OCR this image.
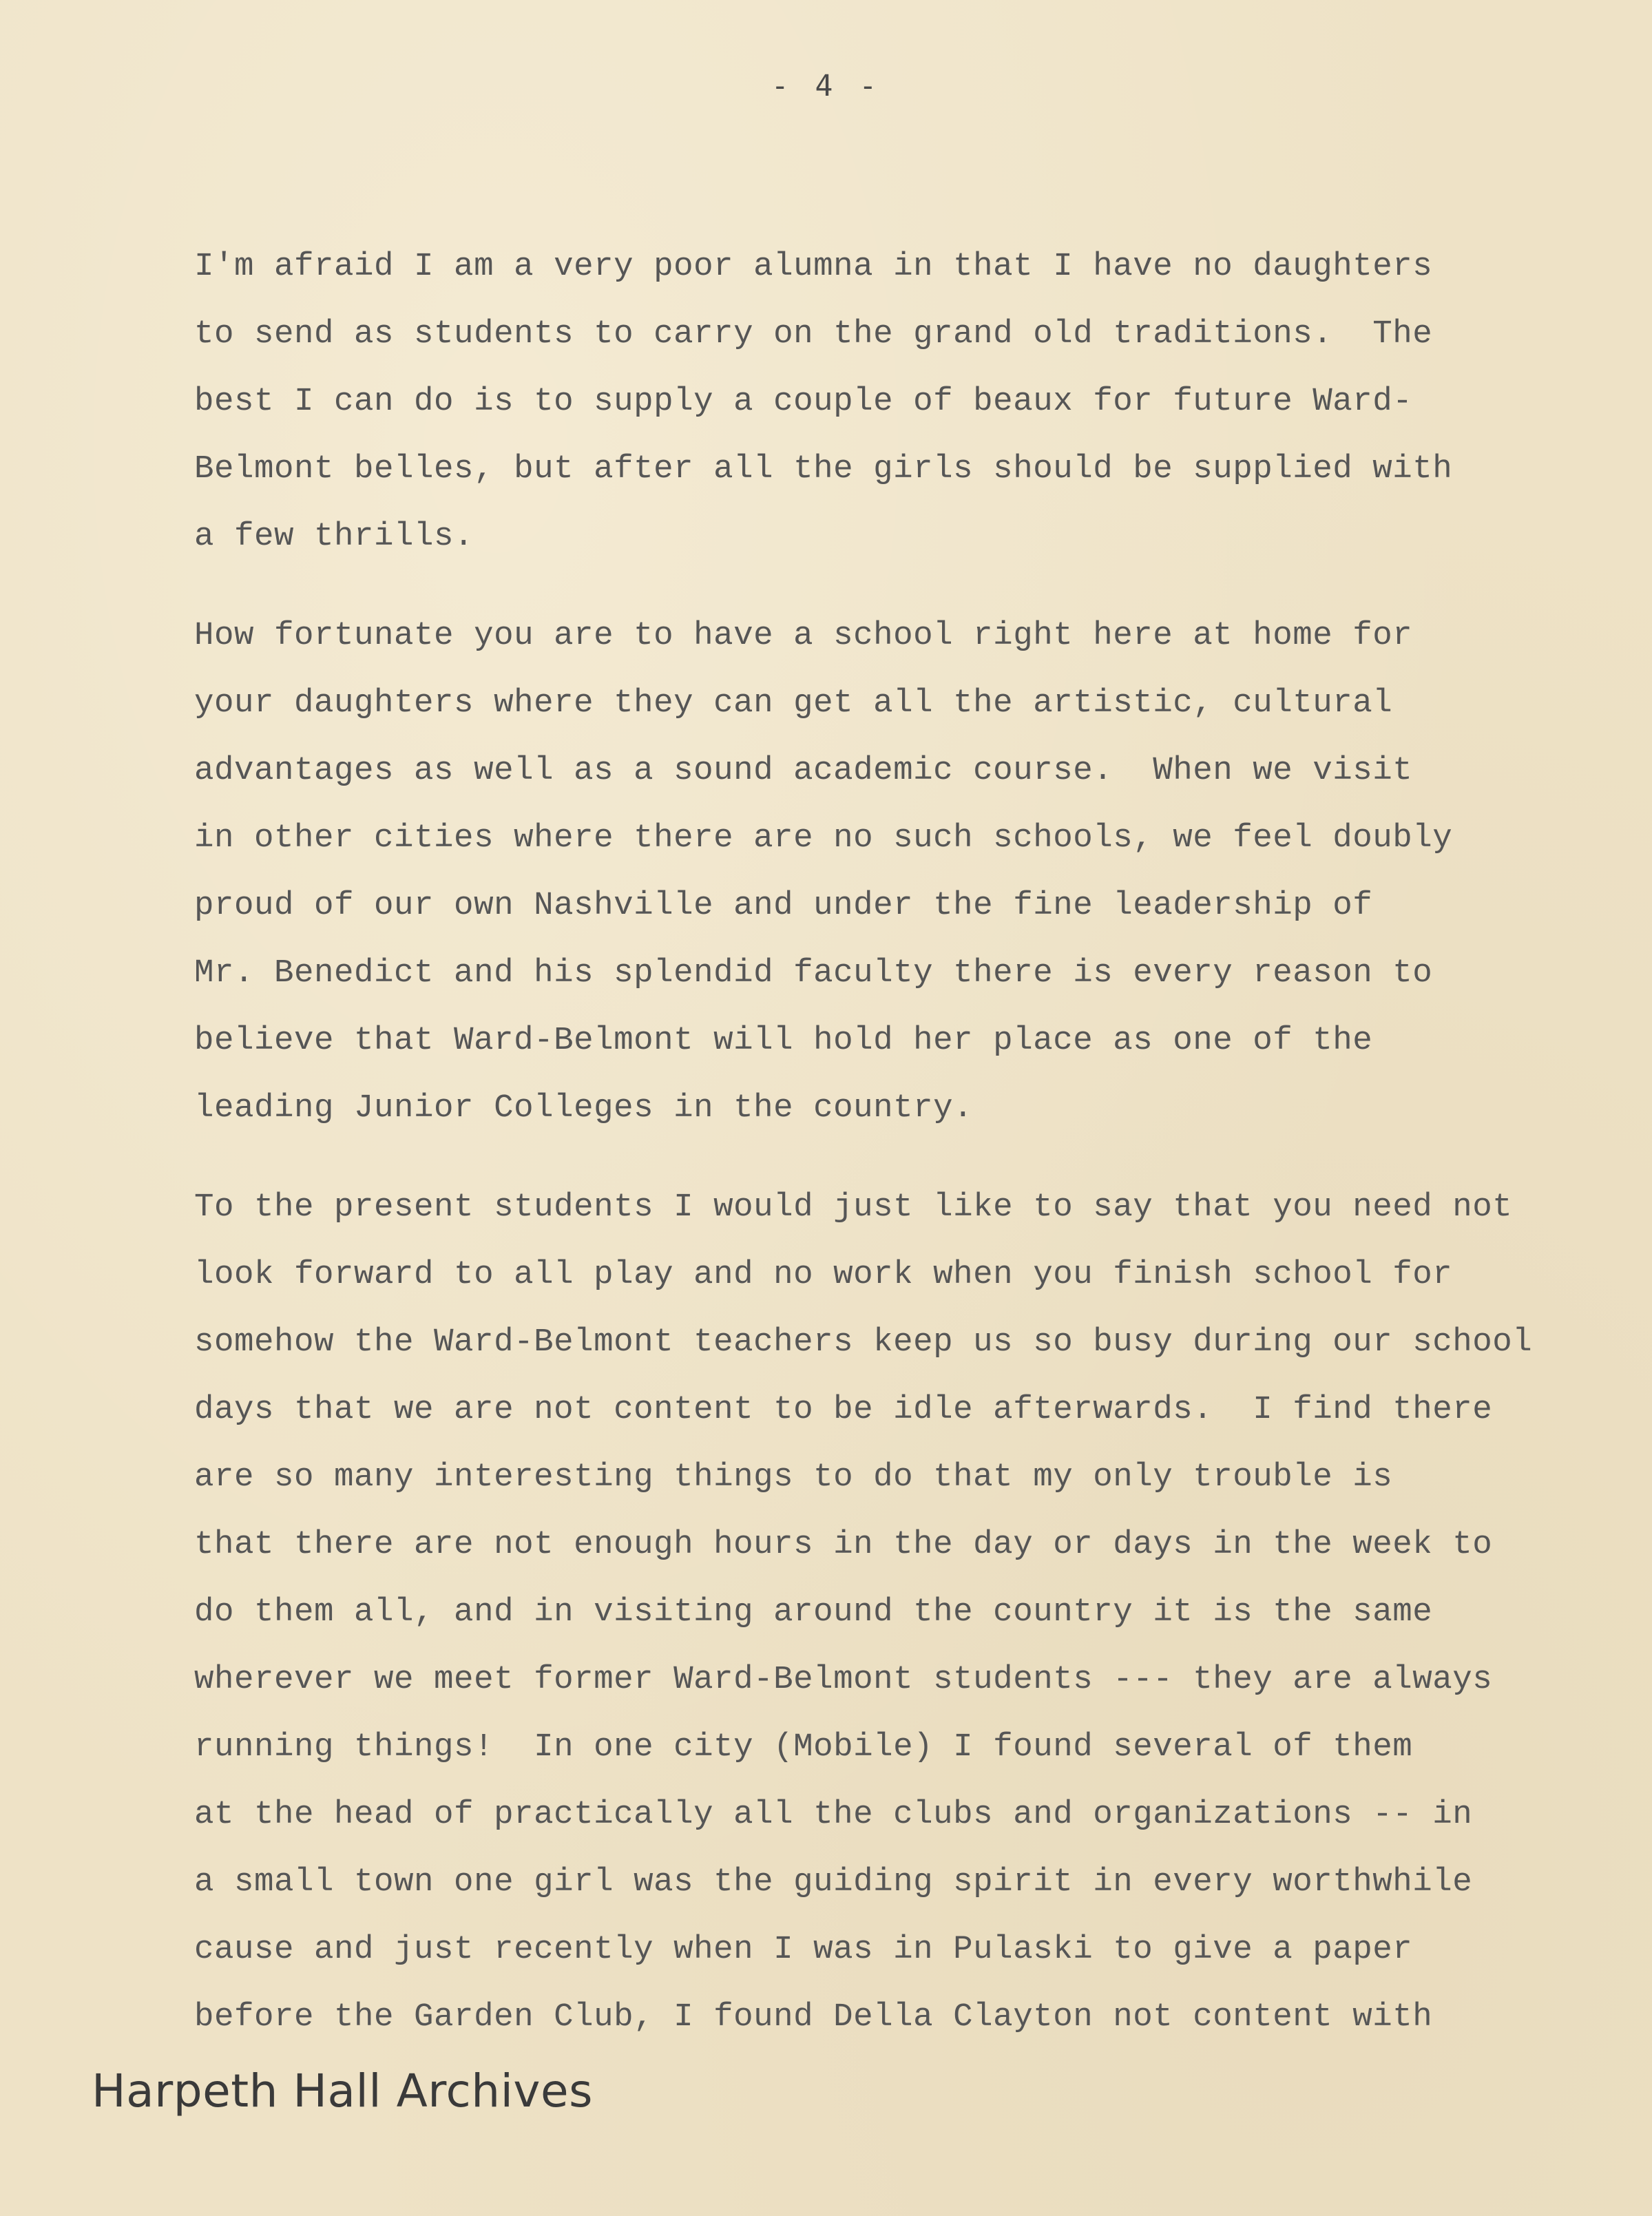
- 4 -
I'm afraid I am a very poor alumna in that I have no daughters
to send as students to carry on the grand old traditions.  The
best I can do is to supply a couple of beaux for future Ward-
Belmont belles, but after all the girls should be supplied with
a few thrills.
How fortunate you are to have a school right here at home for
your daughters where they can get all the artistic, cultural
advantages as well as a sound academic course.  When we visit
in other cities where there are no such schools, we feel doubly
proud of our own Nashville and under the fine leadership of
Mr. Benedict and his splendid faculty there is every reason to
believe that Ward-Belmont will hold her place as one of the
leading Junior Colleges in the country.
To the present students I would just like to say that you need not
look forward to all play and no work when you finish school for
somehow the Ward-Belmont teachers keep us so busy during our school
days that we are not content to be idle afterwards.  I find there
are so many interesting things to do that my only trouble is
that there are not enough hours in the day or days in the week to
do them all, and in visiting around the country it is the same
wherever we meet former Ward-Belmont students --- they are always
running things!  In one city (Mobile) I found several of them
at the head of practically all the clubs and organizations -- in
a small town one girl was the guiding spirit in every worthwhile
cause and just recently when I was in Pulaski to give a paper
before the Garden Club, I found Della Clayton not content with
Harpeth Hall Archives
